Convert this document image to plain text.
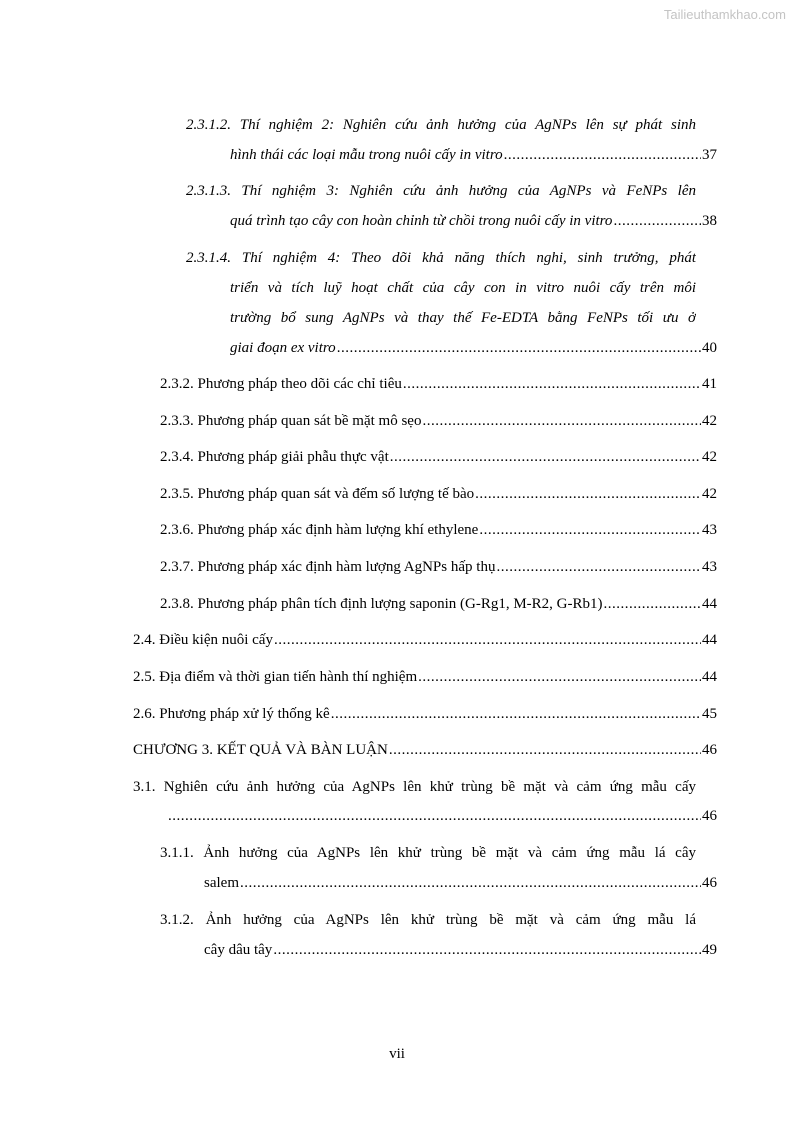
Tailieuthamkhao.com
2.3.1.2. Thí nghiệm 2: Nghiên cứu ảnh hưởng của AgNPs lên sự phát sinh
hình thái các loại mẫu trong nuôi cấy in vitro .....	37
2.3.1.3. Thí nghiệm 3: Nghiên cứu ảnh hưởng của AgNPs và FeNPs lên
quá trình tạo cây con hoàn chỉnh từ chồi trong nuôi cấy in vitro .....	38
2.3.1.4. Thí nghiệm 4: Theo dõi khả năng thích nghi, sinh trưởng, phát
triển và tích luỹ hoạt chất của cây con in vitro nuôi cấy trên môi
trường bổ sung AgNPs và thay thế Fe-EDTA bằng FeNPs tối ưu ở
giai đoạn ex vitro .....	40
2.3.2. Phương pháp theo dõi các chỉ tiêu .....	41
2.3.3. Phương pháp quan sát bề mặt mô sẹo .....	42
2.3.4. Phương pháp giải phẫu thực vật .....	42
2.3.5. Phương pháp quan sát và đếm số lượng tế bào .....	42
2.3.6. Phương pháp xác định hàm lượng khí ethylene .....	43
2.3.7. Phương pháp xác định hàm lượng AgNPs hấp thụ .....	43
2.3.8. Phương pháp phân tích định lượng saponin (G-Rg1, M-R2, G-Rb1) .....	44
2.4. Điều kiện nuôi cấy .....	44
2.5. Địa điểm và thời gian tiến hành thí nghiệm .....	44
2.6. Phương pháp xử lý thống kê .....	45
CHƯƠNG 3. KẾT QUẢ VÀ BÀN LUẬN .....	46
3.1. Nghiên cứu ảnh hưởng của AgNPs lên khử trùng bề mặt và cảm ứng mẫu cấy
.....
46
3.1.1. Ảnh hưởng của AgNPs lên khử trùng bề mặt và cảm ứng mẫu lá cây
salem .....	46
3.1.2. Ảnh hưởng của AgNPs lên khử trùng bề mặt và cảm ứng mẫu lá
cây dâu tây .....	49
vii
